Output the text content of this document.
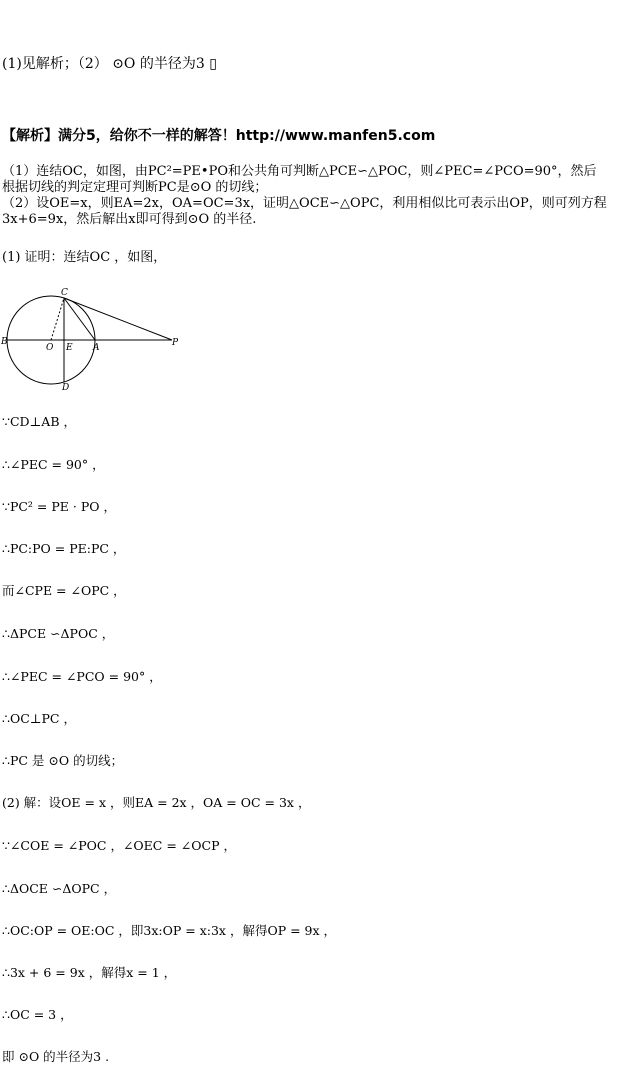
(1)见解析；（2） ⊙O 的半径为3 ▯
【解析】满分5，给你不一样的解答！http://www.manfen5.com

（1）连结OC，如图，由PC²=PE•PO和公共角可判断△PCE∽△POC，则∠PEC=∠PCO=90°，然后

根据切线的判定定理可判断PC是⊙O 的切线；

（2）设OE=x，则EA=2x，OA=OC=3x，证明△OCE∽△OPC，利用相似比可表示出OP，则可列方程

3x+6=9x，然后解出x即可得到⊙O 的半径.

(1) 证明：连结OC ，如图，
C
B
O E A	P
D
∵CD⊥AB ，
∴∠PEC = 90° ，
∵PC² = PE · PO ，
∴PC:PO = PE:PC ，
而∠CPE = ∠OPC ，
∴ΔPCE ∽ΔPOC ，
∴∠PEC = ∠PCO = 90° ，
∴OC⊥PC ，
∴PC 是 ⊙O 的切线；
(2) 解：设OE = x ，则EA = 2x ，OA = OC = 3x ，
∵∠COE = ∠POC ，∠OEC = ∠OCP ，
∴ΔOCE ∽ΔOPC ，
∴OC:OP = OE:OC ，即3x:OP = x:3x ，解得OP = 9x ，
∴3x + 6 = 9x ，解得x = 1 ，
∴OC = 3 ，
即 ⊙O 的半径为3 .
